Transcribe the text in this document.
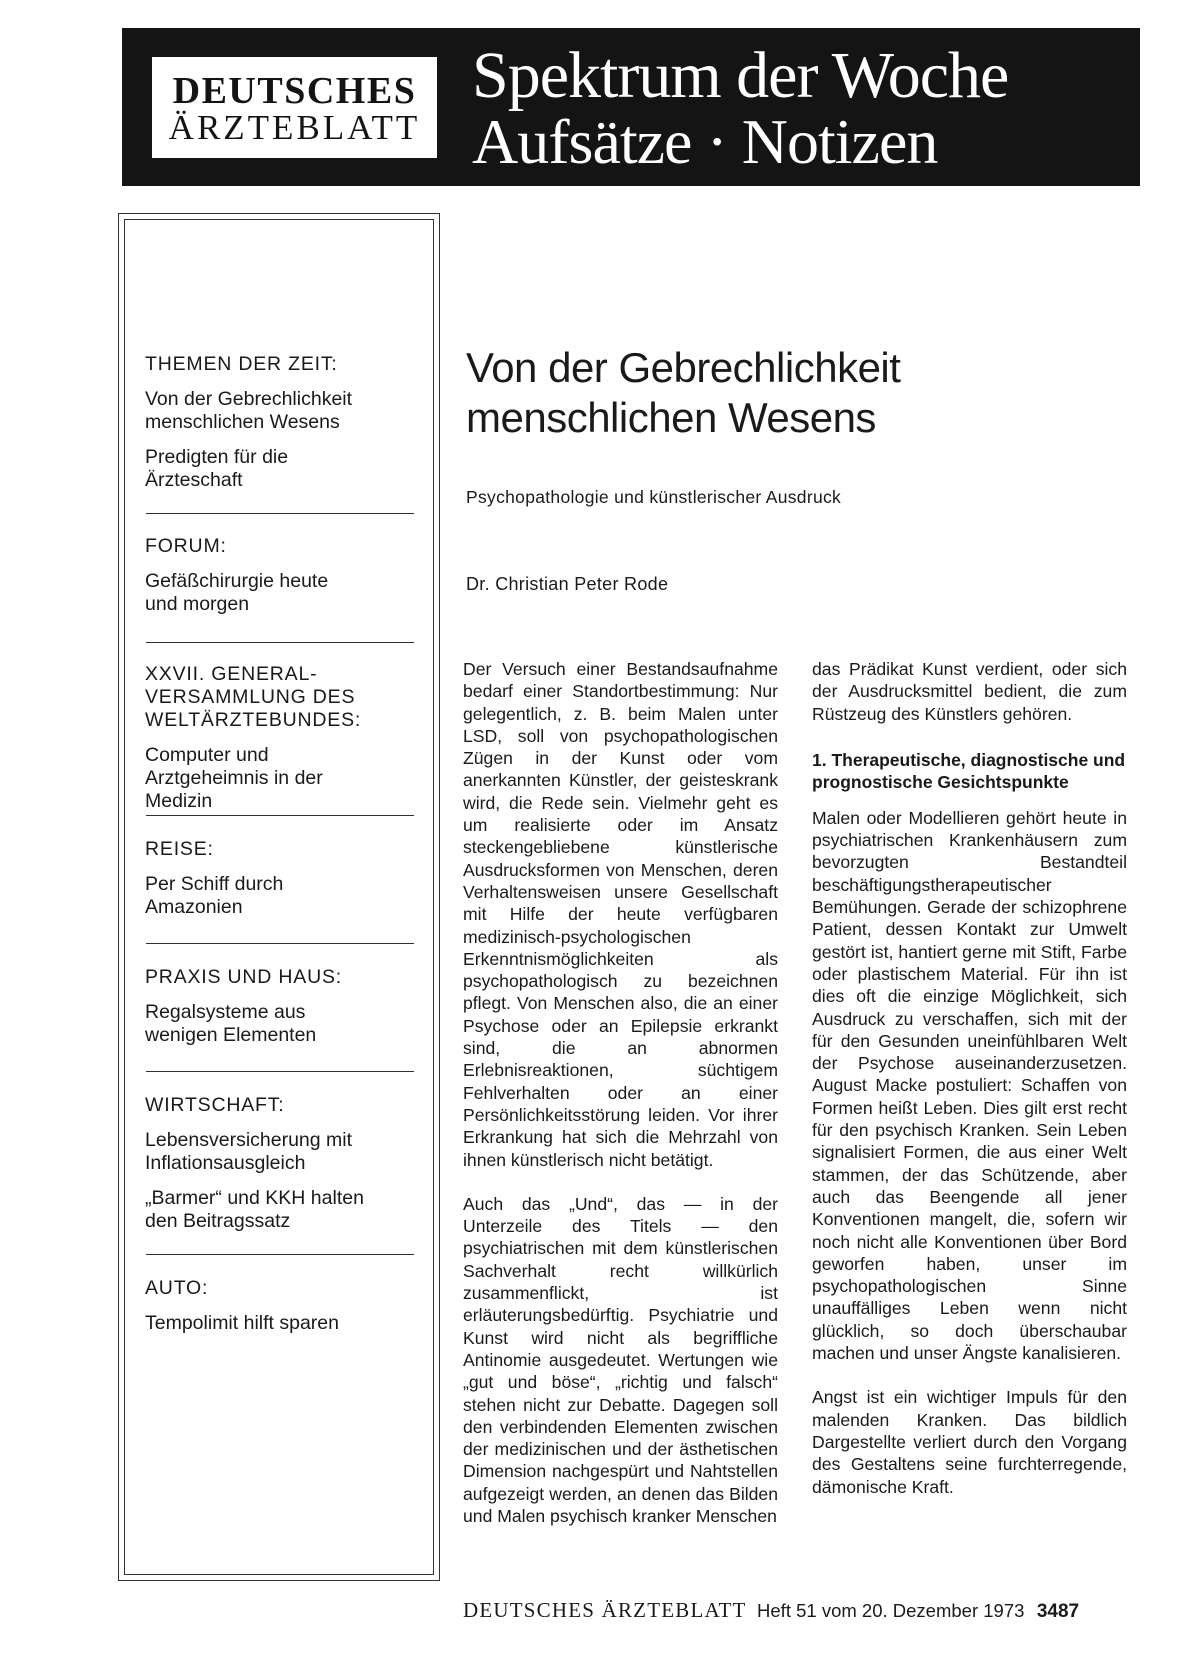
DEUTSCHES
ÄRZTEBLATT
Spektrum der Woche
Aufsätze · Notizen
THEMEN DER ZEIT:
Von der Gebrechlichkeit menschlichen Wesens
Predigten für die Ärzteschaft
FORUM:
Gefäßchirurgie heute und morgen
XXVII. GENERAL-VERSAMMLUNG DES WELTÄRZTEBUNDES:
Computer und Arztgeheimnis in der Medizin
REISE:
Per Schiff durch Amazonien
PRAXIS UND HAUS:
Regalsysteme aus wenigen Elementen
WIRTSCHAFT:
Lebensversicherung mit Inflationsausgleich
„Barmer“ und KKH halten den Beitragssatz
AUTO:
Tempolimit hilft sparen
Von der Gebrechlichkeit
menschlichen Wesens
Psychopathologie und künstlerischer Ausdruck
Dr. Christian Peter Rode

Der Versuch einer Bestandsaufnahme bedarf einer Standortbestimmung: Nur gelegentlich, z. B. beim Malen unter LSD, soll von psychopathologischen Zügen in der Kunst oder vom anerkannten Künstler, der geisteskrank wird, die Rede sein. Vielmehr geht es um realisierte oder im Ansatz steckengebliebene künstlerische Ausdrucksformen von Menschen, deren Verhaltensweisen unsere Gesellschaft mit Hilfe der heute verfügbaren medizinisch-psychologischen Erkenntnismöglichkeiten als psychopathologisch zu bezeichnen pflegt. Von Menschen also, die an einer Psychose oder an Epilepsie erkrankt sind, die an abnormen Erlebnisreaktionen, süchtigem Fehlverhalten oder an einer Persönlichkeitsstörung leiden. Vor ihrer Erkrankung hat sich die Mehrzahl von ihnen künstlerisch nicht betätigt.

Auch das „Und“, das — in der Unterzeile des Titels — den psychiatrischen mit dem künstlerischen Sachverhalt recht willkürlich zusammenflickt, ist erläuterungsbedürftig. Psychiatrie und Kunst wird nicht als begriffliche Antinomie ausgedeutet. Wertungen wie „gut und böse“, „richtig und falsch“ stehen nicht zur Debatte. Dagegen soll den verbindenden Elementen zwischen der medizinischen und der ästhetischen Dimension nachgespürt und Nahtstellen aufgezeigt werden, an denen das Bilden und Malen psychisch kranker Menschen

das Prädikat Kunst verdient, oder sich der Ausdrucksmittel bedient, die zum Rüstzeug des Künstlers gehören.

1. Therapeutische, diagnostische und prognostische Gesichtspunkte

Malen oder Modellieren gehört heute in psychiatrischen Krankenhäusern zum bevorzugten Bestandteil beschäftigungstherapeutischer Bemühungen. Gerade der schizophrene Patient, dessen Kontakt zur Umwelt gestört ist, hantiert gerne mit Stift, Farbe oder plastischem Material. Für ihn ist dies oft die einzige Möglichkeit, sich Ausdruck zu verschaffen, sich mit der für den Gesunden uneinfühlbaren Welt der Psychose auseinanderzusetzen. August Macke postuliert: Schaffen von Formen heißt Leben. Dies gilt erst recht für den psychisch Kranken. Sein Leben signalisiert Formen, die aus einer Welt stammen, der das Schützende, aber auch das Beengende all jener Konventionen mangelt, die, sofern wir noch nicht alle Konventionen über Bord geworfen haben, unser im psychopathologischen Sinne unauffälliges Leben wenn nicht glücklich, so doch überschaubar machen und unser Ängste kanalisieren.

Angst ist ein wichtiger Impuls für den malenden Kranken. Das bildlich Dargestellte verliert durch den Vorgang des Gestaltens seine furchterregende, dämonische Kraft.

DEUTSCHES ÄRZTEBLATT Heft 51 vom 20. Dezember 1973 3487
